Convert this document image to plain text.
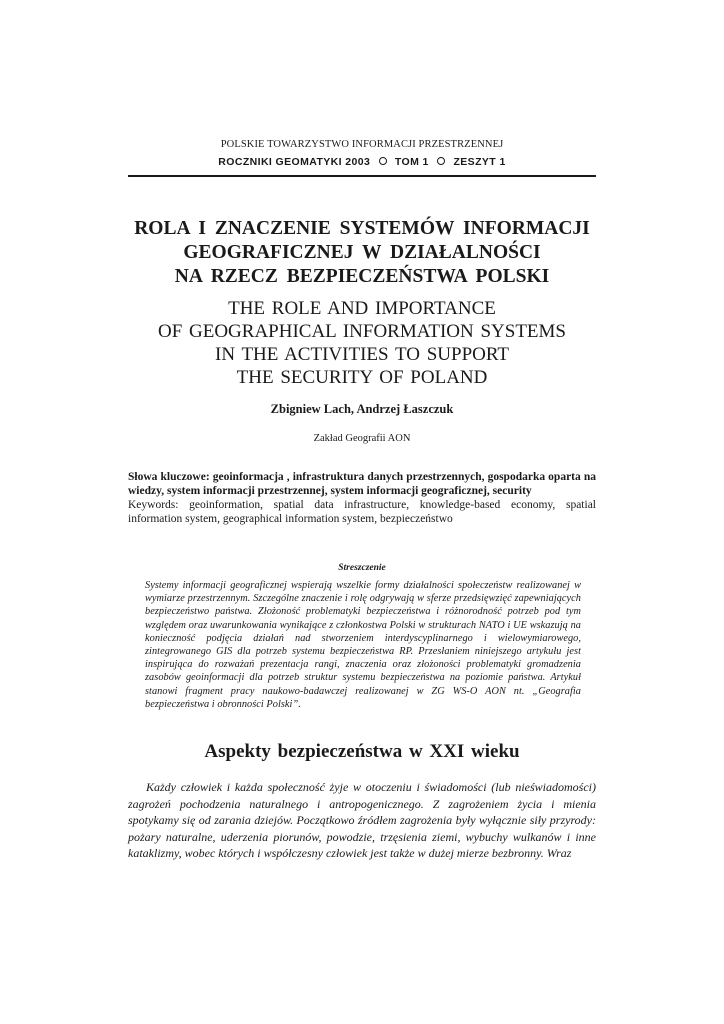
POLSKIE TOWARZYSTWO INFORMACJI PRZESTRZENNEJ
ROCZNIKI GEOMATYKI 2003 TOM 1 ZESZYT 1
ROLA I ZNACZENIE SYSTEMÓW INFORMACJI
GEOGRAFICZNEJ W DZIAŁALNOŚCI
NA RZECZ BEZPIECZEŃSTWA POLSKI
THE ROLE AND IMPORTANCE
OF GEOGRAPHICAL INFORMATION SYSTEMS
IN THE ACTIVITIES TO SUPPORT
THE SECURITY OF POLAND
Zbigniew Lach, Andrzej Łaszczuk
Zakład Geografii AON
Słowa kluczowe: geoinformacja , infrastruktura danych przestrzennych, gospodarka oparta na wiedzy, system informacji przestrzennej, system informacji geograficznej, security
Keywords: geoinformation, spatial data infrastructure, knowledge-based economy, spatial information system, geographical information system, bezpieczeństwo
Streszczenie
Systemy informacji geograficznej wspierają wszelkie formy działalności społeczeństw realizowanej w wymiarze przestrzennym. Szczególne znaczenie i rolę odgrywają w sferze przedsięwzięć zapewniających bezpieczeństwo państwa. Złożoność problematyki bezpieczeństwa i różnorodność potrzeb pod tym względem oraz uwarunkowania wynikające z członkostwa Polski w strukturach NATO i UE wskazują na konieczność podjęcia działań nad stworzeniem interdyscyplinarnego i wielowymiarowego, zintegrowanego GIS dla potrzeb systemu bezpieczeństwa RP. Przesłaniem niniejszego artykułu jest inspirująca do rozważań prezentacja rangi, znaczenia oraz złożoności problematyki gromadzenia zasobów geoinformacji dla potrzeb struktur systemu bezpieczeństwa na poziomie państwa. Artykuł stanowi fragment pracy naukowo-badawczej realizowanej w ZG WS-O AON nt. „Geografia bezpieczeństwa i obronności Polski”.
Aspekty bezpieczeństwa w XXI wieku
Każdy człowiek i każda społeczność żyje w otoczeniu i świadomości (lub nieświadomości) zagrożeń pochodzenia naturalnego i antropogenicznego. Z zagrożeniem życia i mienia spotykamy się od zarania dziejów. Początkowo źródłem zagrożenia były wyłącznie siły przyrody: pożary naturalne, uderzenia piorunów, powodzie, trzęsienia ziemi, wybuchy wulkanów i inne kataklizmy, wobec których i współczesny człowiek jest także w dużej mierze bezbronny. Wraz
